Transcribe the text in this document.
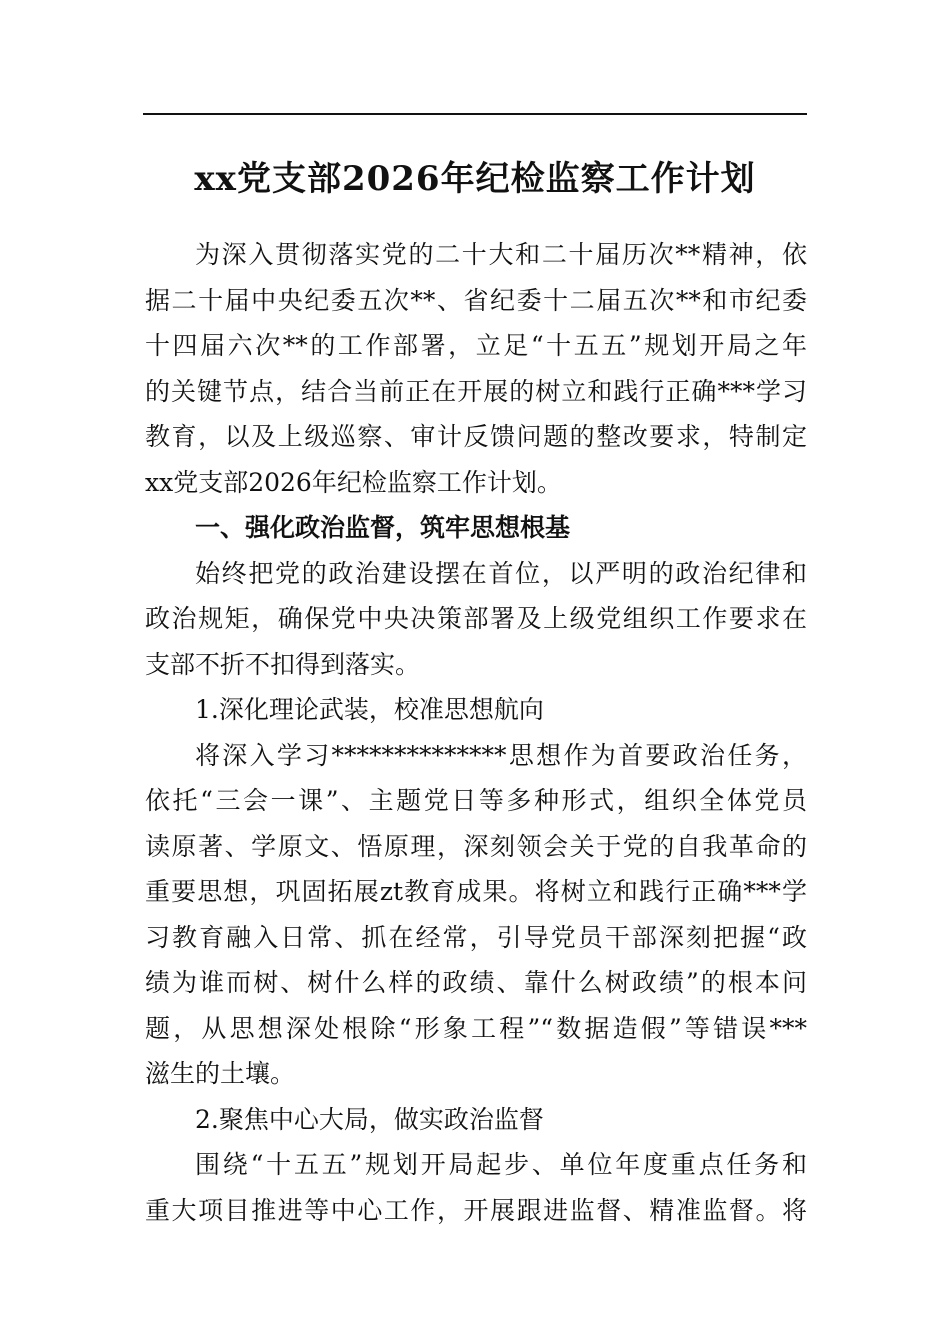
xx党支部2026年纪检监察工作计划
为深入贯彻落实党的二十大和二十届历次**精神，依
据二十届中央纪委五次**、省纪委十二届五次**和市纪委
十四届六次**的工作部署，立足“十五五”规划开局之年
的关键节点，结合当前正在开展的树立和践行正确***学习
教育，以及上级巡察、审计反馈问题的整改要求，特制定
xx党支部2026年纪检监察工作计划。
一、强化政治监督，筑牢思想根基
始终把党的政治建设摆在首位，以严明的政治纪律和
政治规矩，确保党中央决策部署及上级党组织工作要求在
支部不折不扣得到落实。
1.深化理论武装，校准思想航向
将深入学习**************思想作为首要政治任务，
依托“三会一课”、主题党日等多种形式，组织全体党员
读原著、学原文、悟原理，深刻领会关于党的自我革命的
重要思想，巩固拓展zt教育成果。将树立和践行正确***学
习教育融入日常、抓在经常，引导党员干部深刻把握“政
绩为谁而树、树什么样的政绩、靠什么树政绩”的根本问
题，从思想深处根除“形象工程”“数据造假”等错误***
滋生的土壤。
2.聚焦中心大局，做实政治监督
围绕“十五五”规划开局起步、单位年度重点任务和
重大项目推进等中心工作，开展跟进监督、精准监督。将
